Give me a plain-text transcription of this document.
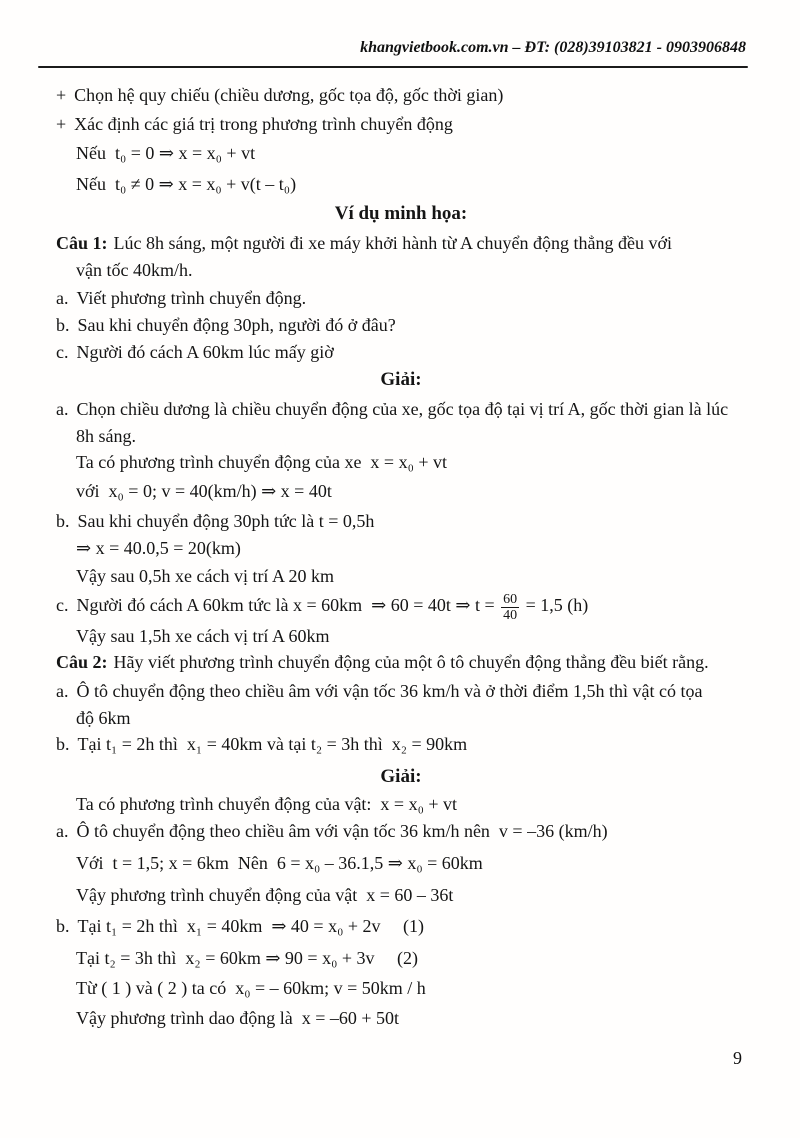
khangvietbook.com.vn – ĐT: (028)39103821 - 0903906848
+ Chọn hệ quy chiếu (chiều dương, gốc tọa độ, gốc thời gian)
+ Xác định các giá trị trong phương trình chuyển động
Nếu  t₀ = 0 ⇒ x = x₀ + vt
Nếu  t₀ ≠ 0 ⇒ x = x₀ + v(t – t₀)
Ví dụ minh họa:
Câu 1: Lúc 8h sáng, một người đi xe máy khởi hành từ A chuyển động thẳng đều với
vận tốc 40km/h.
a. Viết phương trình chuyển động.
b. Sau khi chuyển động 30ph, người đó ở đâu?
c. Người đó cách A 60km lúc mấy giờ
Giải:
a. Chọn chiều dương là chiều chuyển động của xe, gốc tọa độ tại vị trí A, gốc thời gian là lúc
8h sáng.
Ta có phương trình chuyển động của xe  x = x₀ + vt
với  x₀ = 0; v = 40(km/h) ⇒ x = 40t
b. Sau khi chuyển động 30ph tức là t = 0,5h
⇒ x = 40.0,5 = 20(km)
Vậy sau 0,5h xe cách vị trí A 20 km
c. Người đó cách A 60km tức là x = 60km  ⇒ 60 = 40t ⇒ $t = \frac{60}{40} = 1,5$ (h)
Vậy sau 1,5h xe cách vị trí A 60km
Câu 2: Hãy viết phương trình chuyển động của một ô tô chuyển động thẳng đều biết rằng.
a. Ô tô chuyển động theo chiều âm với vận tốc 36 km/h và ở thời điểm 1,5h thì vật có tọa
độ 6km
b. Tại t₁ = 2h thì  x₁ = 40km và tại t₂ = 3h thì  x₂ = 90km
Giải:
Ta có phương trình chuyển động của vật:  x = x₀ + vt
a. Ô tô chuyển động theo chiều âm với vận tốc 36 km/h nên  v = –36 (km/h)
Với  t = 1,5; x = 6km  Nên  6 = x₀ – 36.1,5 ⇒ x₀ = 60km
Vậy phương trình chuyển động của vật  x = 60 – 36t
b. Tại t₁ = 2h thì  x₁ = 40km  ⇒ 40 = x₀ + 2v     (1)
Tại t₂ = 3h thì  x₂ = 60km ⇒ 90 = x₀ + 3v     (2)
Từ ( 1 ) và ( 2 ) ta có  x₀ = – 60km; v = 50km / h
Vậy phương trình dao động là  x = –60 + 50t
9
